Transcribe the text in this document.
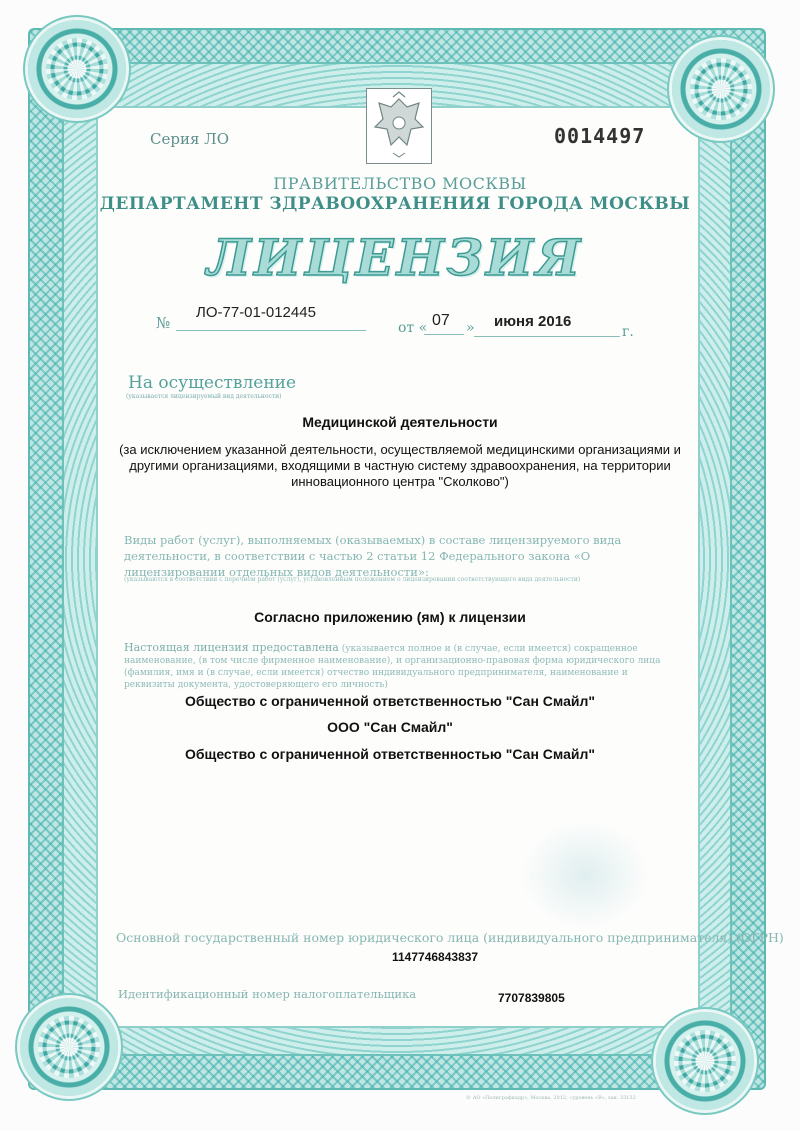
Серия ЛО	0014497
ПРАВИТЕЛЬСТВО МОСКВЫ
ДЕПАРТАМЕНТ ЗДРАВООХРАНЕНИЯ ГОРОДА МОСКВЫ
ЛИЦЕНЗИЯ
№
ЛО-77-01-012445
от « 07 » июня 2016
г.
На осуществление
(указывается лицензируемый вид деятельности)
Медицинской деятельности
(за исключением указанной деятельности, осуществляемой медицинскими организациями и другими организациями, входящими в частную систему здравоохранения, на территории инновационного центра "Сколково")
Виды работ (услуг), выполняемых (оказываемых) в составе лицензируемого вида деятельности, в соответствии с частью 2 статьи 12 Федерального закона «О лицензировании отдельных видов деятельности»:
(указываются в соответствии с перечнем работ (услуг), установленным положением о лицензировании соответствующего вида деятельности)
Согласно приложению (ям) к лицензии
Настоящая лицензия предоставлена (указывается полное и (в случае, если имеется) сокращенное наименование, (в том числе фирменное наименование), и организационно-правовая форма юридического лица (фамилия, имя и (в случае, если имеется) отчество индивидуального предпринимателя, наименование и реквизиты документа, удостоверяющего его личность)
Общество с ограниченной ответственностью "Сан Смайл"
ООО "Сан Смайл"
Общество с ограниченной ответственностью "Сан Смайл"
Основной государственный номер юридического лица (индивидуального предпринимателя) (ОГРН)
1147746843837
Идентификационный номер налогоплательщика	7707839805
© АО «Полиграфкадр», Москва, 2012, «уровень «В», зак. 33132
